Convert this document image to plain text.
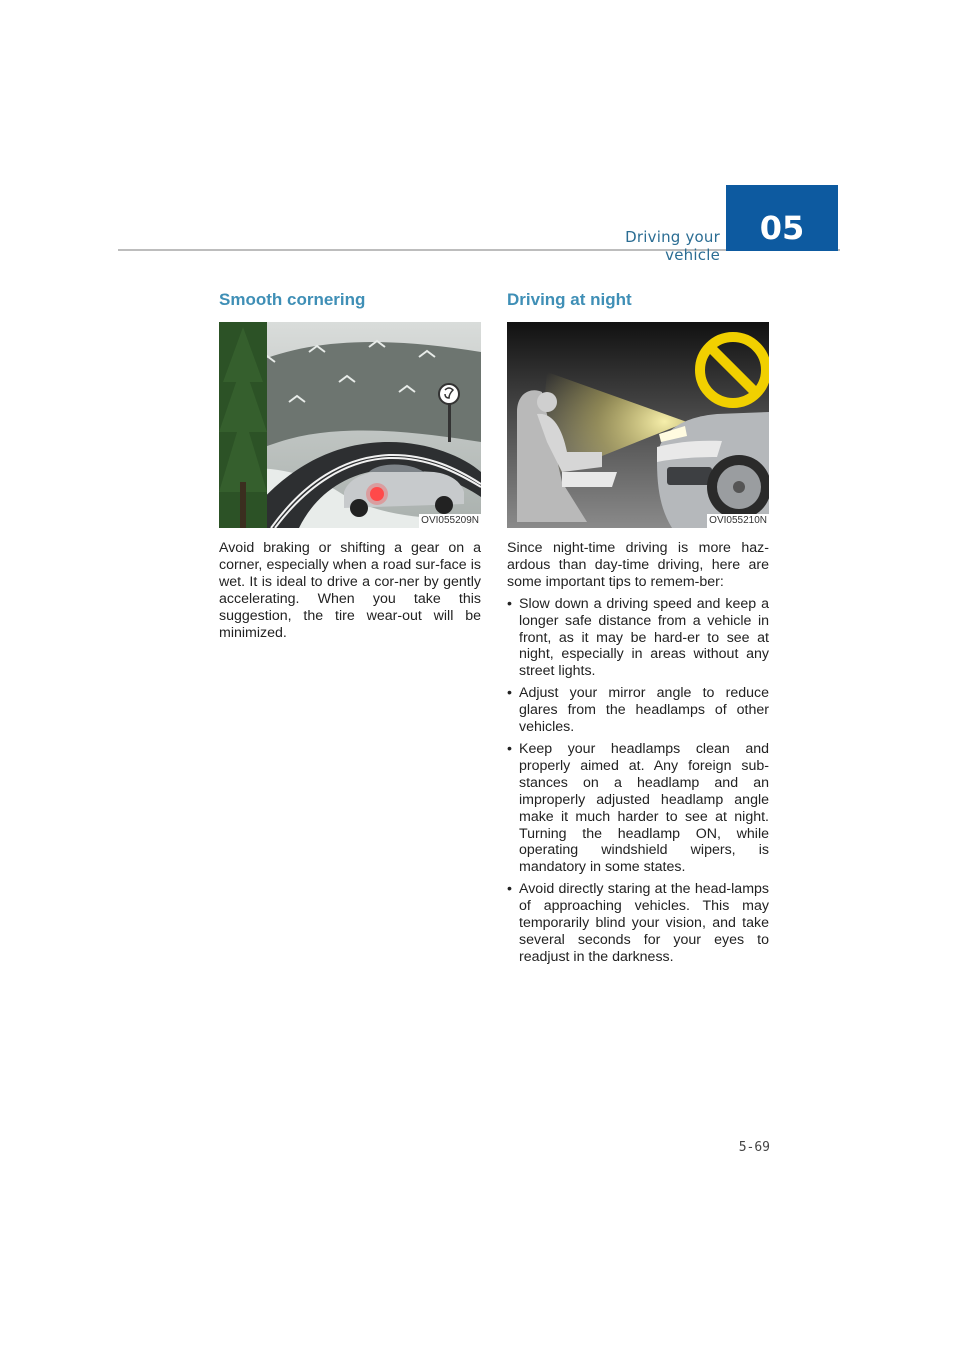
Driving your vehicle
05
Smooth cornering
OVI055209N

Avoid braking or shifting a gear on a corner, especially when a road sur-face is wet. It is ideal to drive a cor-ner by gently accelerating. When you take this suggestion, the tire wear-out will be minimized.

Driving at night
OVI055210N

Since night-time driving is more haz-ardous than day-time driving, here are some important tips to remem-ber:

• Slow down a driving speed and keep a longer safe distance from a vehicle in front, as it may be hard-er to see at night, especially in areas without any street lights.
• Adjust your mirror angle to reduce glares from the headlamps of other vehicles.
• Keep your headlamps clean and properly aimed at. Any foreign sub-stances on a headlamp and an improperly adjusted headlamp angle make it much harder to see at night. Turning the headlamp ON, while operating windshield wipers, is mandatory in some states.
• Avoid directly staring at the head-lamps of approaching vehicles. This may temporarily blind your vision, and take several seconds for your eyes to readjust in the darkness.
5-69
